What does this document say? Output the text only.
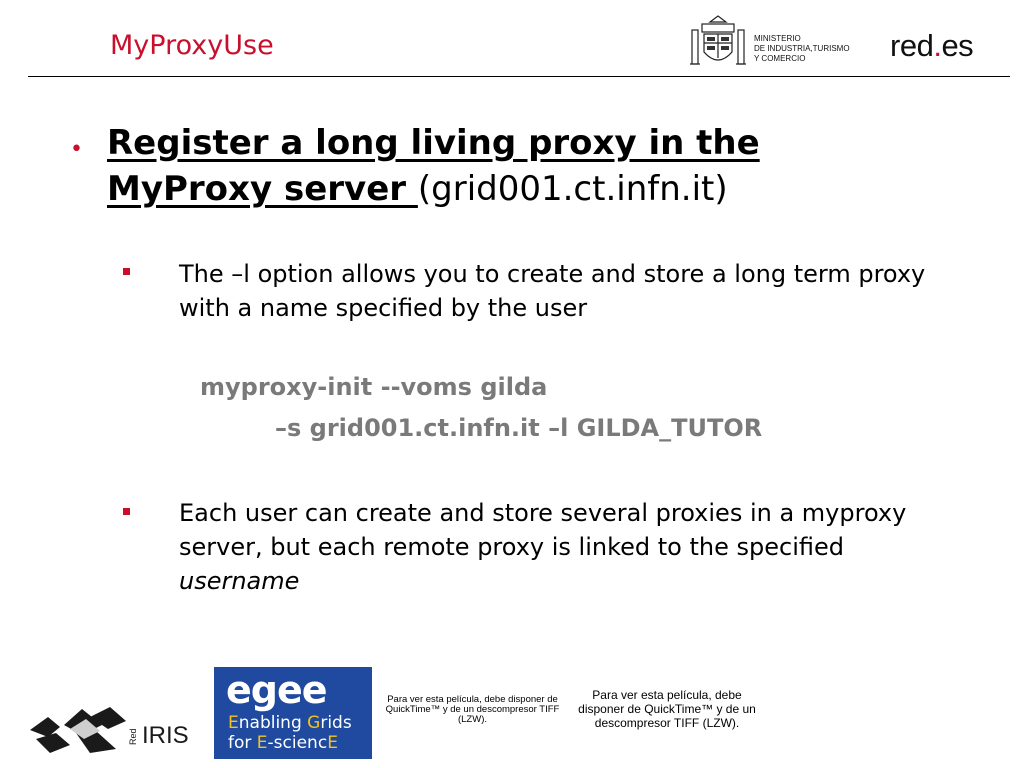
MyProxyUse	MINISTERIO
DE INDUSTRIA,TURISMO
Y COMERCIO	red.es
• Register a long living proxy in the
MyProxy server (grid001.ct.infn.it)
The –l option allows you to create and store a long term proxy with a name specified by the user
myproxy-init --voms gilda
–s grid001.ct.infn.it –l GILDA_TUTOR
Each user can create and store several proxies in a myproxy server, but each remote proxy is linked to the specified username
IRIS
Red
egee
Enabling Grids
for E-sciencE
Para ver esta película, debe disponer de QuickTime™ y de un descompresor TIFF (LZW).
Para ver esta película, debe disponer de QuickTime™ y de un descompresor TIFF (LZW).
